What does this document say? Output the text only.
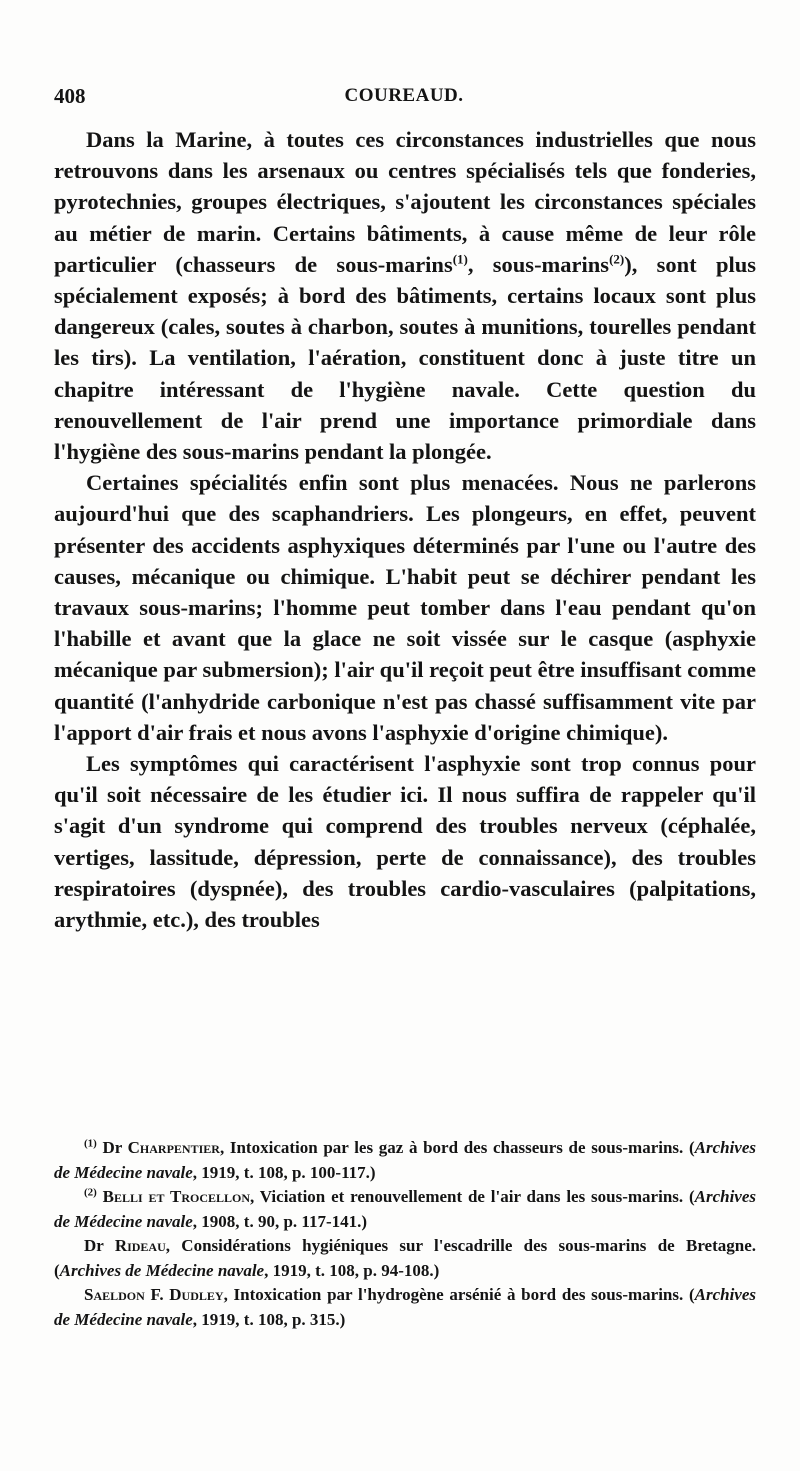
408	COUREAUD.

Dans la Marine, à toutes ces circonstances industrielles que nous retrouvons dans les arsenaux ou centres spécialisés tels que fonderies, pyrotechnies, groupes électriques, s'ajoutent les circonstances spéciales au métier de marin. Certains bâtiments, à cause même de leur rôle particulier (chasseurs de sous-marins$^{(1)}$, sous-marins$^{(2)}$), sont plus spécialement exposés; à bord des bâtiments, certains locaux sont plus dangereux (cales, soutes à charbon, soutes à munitions, tourelles pendant les tirs). La ventilation, l'aération, constituent donc à juste titre un chapitre intéressant de l'hygiène navale. Cette question du renouvellement de l'air prend une importance primordiale dans l'hygiène des sous-marins pendant la plongée.

Certaines spécialités enfin sont plus menacées. Nous ne parlerons aujourd'hui que des scaphandriers. Les plongeurs, en effet, peuvent présenter des accidents asphyxiques déterminés par l'une ou l'autre des causes, mécanique ou chimique. L'habit peut se déchirer pendant les travaux sous-marins; l'homme peut tomber dans l'eau pendant qu'on l'habille et avant que la glace ne soit vissée sur le casque (asphyxie mécanique par submersion); l'air qu'il reçoit peut être insuffisant comme quantité (l'anhydride carbonique n'est pas chassé suffisamment vite par l'apport d'air frais et nous avons l'asphyxie d'origine chimique).

Les symptômes qui caractérisent l'asphyxie sont trop connus pour qu'il soit nécessaire de les étudier ici. Il nous suffira de rappeler qu'il s'agit d'un syndrome qui comprend des troubles nerveux (céphalée, vertiges, lassitude, dépression, perte de connaissance), des troubles respiratoires (dyspnée), des troubles cardio-vasculaires (palpitations, arythmie, etc.), des troubles

$^{(1)}$ Dr Charpentier, Intoxication par les gaz à bord des chasseurs de sous-marins. (Archives de Médecine navale, 1919, t. 108, p. 100-117.)

$^{(2)}$ Belli et Trocellon, Viciation et renouvellement de l'air dans les sous-marins. (Archives de Médecine navale, 1908, t. 90, p. 117-141.)

Dr Rideau, Considérations hygiéniques sur l'escadrille des sous-marins de Bretagne. (Archives de Médecine navale, 1919, t. 108, p. 94-108.)

Saeldon F. Dudley, Intoxication par l'hydrogène arsénié à bord des sous-marins. (Archives de Médecine navale, 1919, t. 108, p. 315.)
